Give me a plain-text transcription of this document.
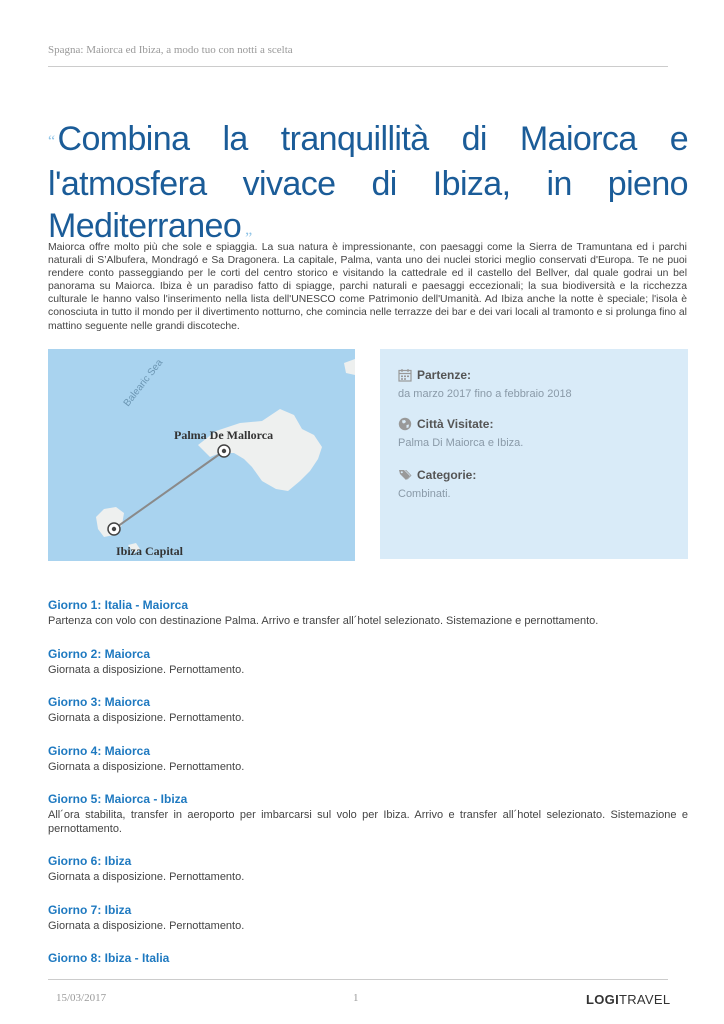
Spagna: Maiorca ed Ibiza, a modo tuo con notti a scelta
“Combina la tranquillità di Maiorca e l'atmosfera vivace di Ibiza, in pieno Mediterraneo ”

Maiorca offre molto più che sole e spiaggia. La sua natura è impressionante, con paesaggi come la Sierra de Tramuntana ed i parchi naturali di S’Albufera, Mondragó e Sa Dragonera. La capitale, Palma, vanta uno dei nuclei storici meglio conservati d'Europa. Te ne puoi rendere conto passeggiando per le corti del centro storico e visitando la cattedrale ed il castello del Bellver, dal quale godrai un bel panorama su Maiorca. Ibiza è un paradiso fatto di spiagge, parchi naturali e paesaggi eccezionali; la sua biodiversità e la ricchezza culturale le hanno valso l'inserimento nella lista dell'UNESCO come Patrimonio dell'Umanità. Ad Ibiza anche la notte è speciale; l'isola è conosciuta in tutto il mondo per il divertimento notturno, che comincia nelle terrazze dei bar e dei vari locali al tramonto e si prolunga fino al mattino seguente nelle grandi discoteche.

Balearic Sea
Palma De Mallorca
Ibiza Capital
Partenze:
da marzo 2017 fino a febbraio 2018
Città Visitate:
Palma Di Maiorca e Ibiza.
Categorie:
Combinati.
Giorno 1: Italia - Maiorca
Partenza con volo con destinazione Palma. Arrivo e transfer all´hotel selezionato. Sistemazione e pernottamento.
Giorno 2: Maiorca
Giornata a disposizione. Pernottamento.
Giorno 3: Maiorca
Giornata a disposizione. Pernottamento.
Giorno 4: Maiorca
Giornata a disposizione. Pernottamento.
Giorno 5: Maiorca - Ibiza
All´ora stabilita, transfer in aeroporto per imbarcarsi sul volo per Ibiza. Arrivo e transfer all´hotel selezionato. Sistemazione e pernottamento.
Giorno 6: Ibiza
Giornata a disposizione. Pernottamento.
Giorno 7: Ibiza
Giornata a disposizione. Pernottamento.
Giorno 8: Ibiza - Italia
15/03/2017	1	LOGITRAVEL
